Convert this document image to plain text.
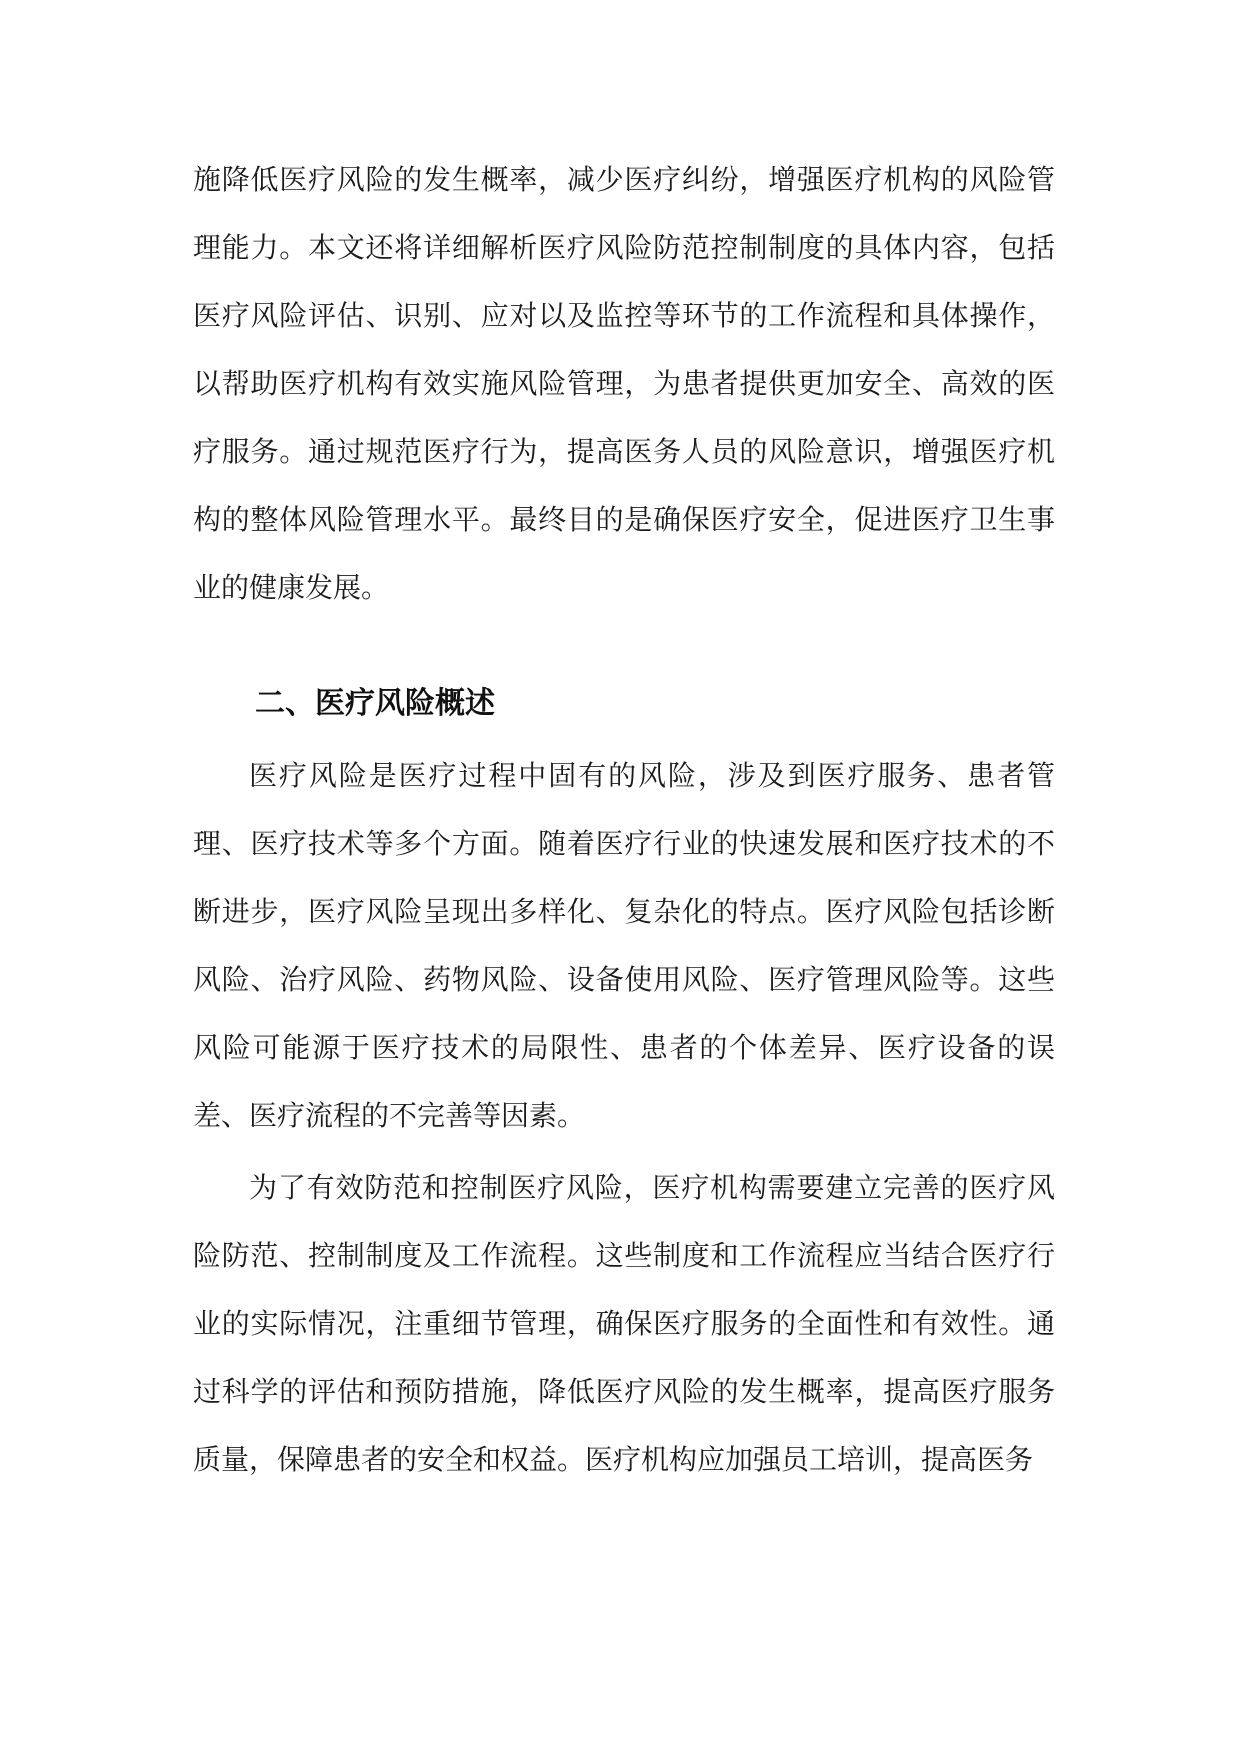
施降低医疗风险的发生概率，减少医疗纠纷，增强医疗机构的风险管理能力。本文还将详细解析医疗风险防范控制制度的具体内容，包括医疗风险评估、识别、应对以及监控等环节的工作流程和具体操作，以帮助医疗机构有效实施风险管理，为患者提供更加安全、高效的医疗服务。通过规范医疗行为，提高医务人员的风险意识，增强医疗机构的整体风险管理水平。最终目的是确保医疗安全，促进医疗卫生事业的健康发展。

二、医疗风险概述

医疗风险是医疗过程中固有的风险，涉及到医疗服务、患者管理、医疗技术等多个方面。随着医疗行业的快速发展和医疗技术的不断进步，医疗风险呈现出多样化、复杂化的特点。医疗风险包括诊断风险、治疗风险、药物风险、设备使用风险、医疗管理风险等。这些风险可能源于医疗技术的局限性、患者的个体差异、医疗设备的误差、医疗流程的不完善等因素。

为了有效防范和控制医疗风险，医疗机构需要建立完善的医疗风险防范、控制制度及工作流程。这些制度和工作流程应当结合医疗行业的实际情况，注重细节管理，确保医疗服务的全面性和有效性。通过科学的评估和预防措施，降低医疗风险的发生概率，提高医疗服务质量，保障患者的安全和权益。医疗机构应加强员工培训，提高医务
